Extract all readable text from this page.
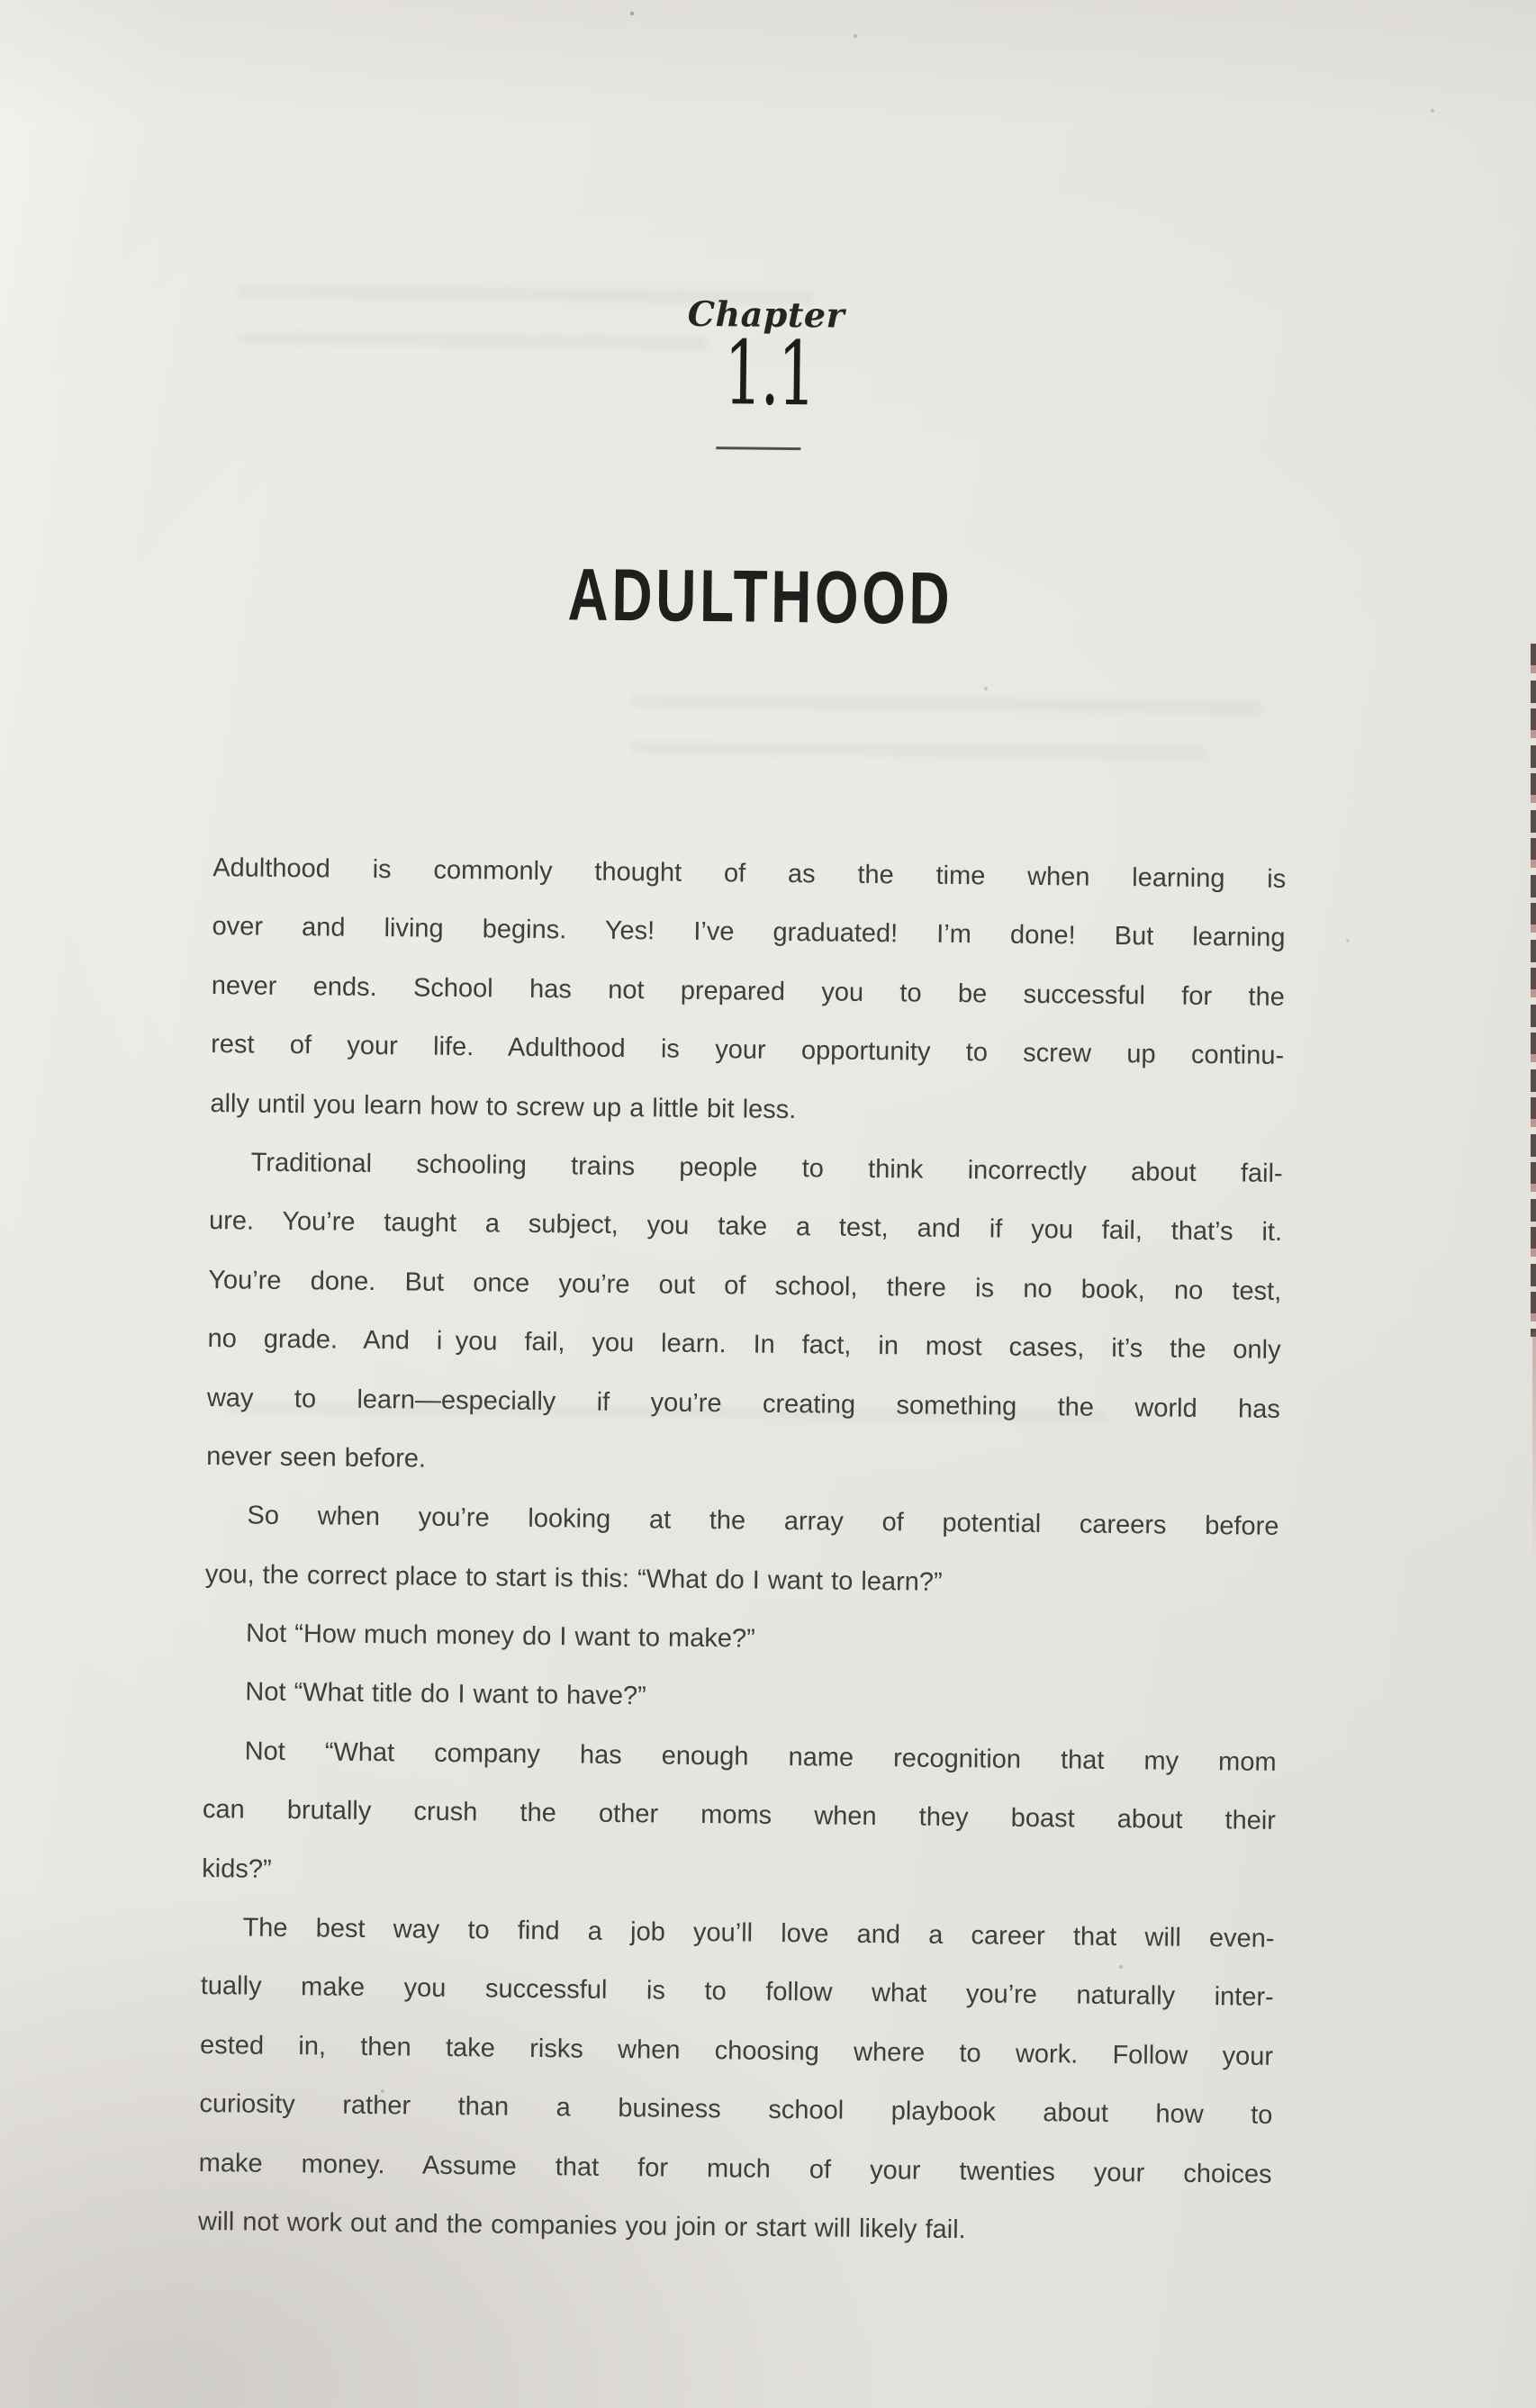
Chapter
1.1
ADULTHOOD
Adulthood is commonly thought of as the time when learning is
over and living begins. Yes! I’ve graduated! I’m done! But learning
never ends. School has not prepared you to be successful for the
rest of your life. Adulthood is your opportunity to screw up continu-
ally until you learn how to screw up a little bit less.
Traditional schooling trains people to think incorrectly about fail-
ure. You’re taught a subject, you take a test, and if you fail, that’s it.
You’re done. But once you’re out of school, there is no book, no test,
no grade. And i you fail, you learn. In fact, in most cases, it’s the only
way to learn—especially if you’re creating something the world has
never seen before.
So when you’re looking at the array of potential careers before
you, the correct place to start is this: “What do I want to learn?”
Not “How much money do I want to make?”
Not “What title do I want to have?”
Not “What company has enough name recognition that my mom
can brutally crush the other moms when they boast about their
kids?”
The best way to find a job you’ll love and a career that will even-
tually make you successful is to follow what you’re naturally inter-
ested in, then take risks when choosing where to work. Follow your
curiosity rather than a business school playbook about how to
make money. Assume that for much of your twenties your choices
will not work out and the companies you join or start will likely fail.
